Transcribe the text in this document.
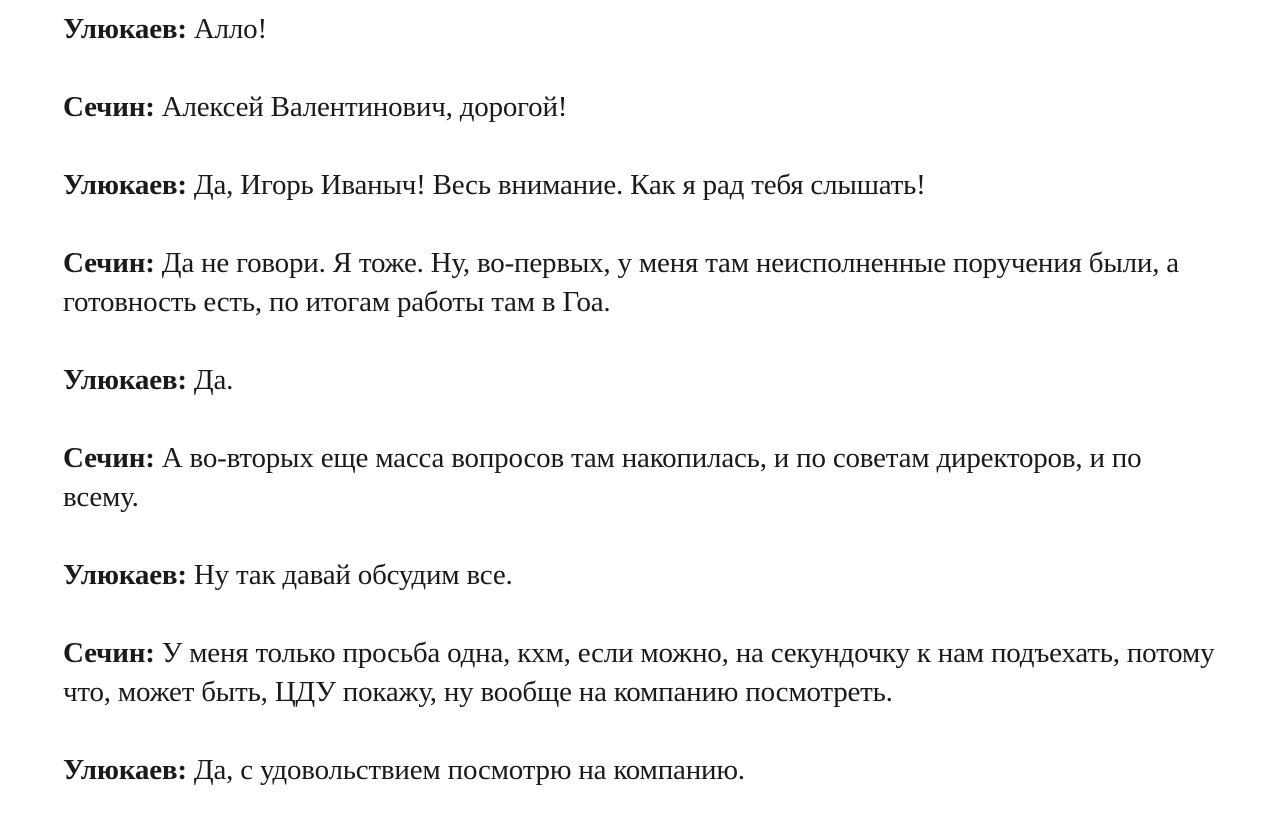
Улюкаев: Алло!

Сечин: Алексей Валентинович, дорогой!

Улюкаев: Да, Игорь Иваныч! Весь внимание. Как я рад тебя слышать!

Сечин: Да не говори. Я тоже. Ну, во-первых, у меня там неисполненные поручения были, а готовность есть, по итогам работы там в Гоа.

Улюкаев: Да.

Сечин: А во-вторых еще масса вопросов там накопилась, и по советам директоров, и по всему.

Улюкаев: Ну так давай обсудим все.

Сечин: У меня только просьба одна, кхм, если можно, на секундочку к нам подъехать, потому что, может быть, ЦДУ покажу, ну вообще на компанию посмотреть.

Улюкаев: Да, с удовольствием посмотрю на компанию.
